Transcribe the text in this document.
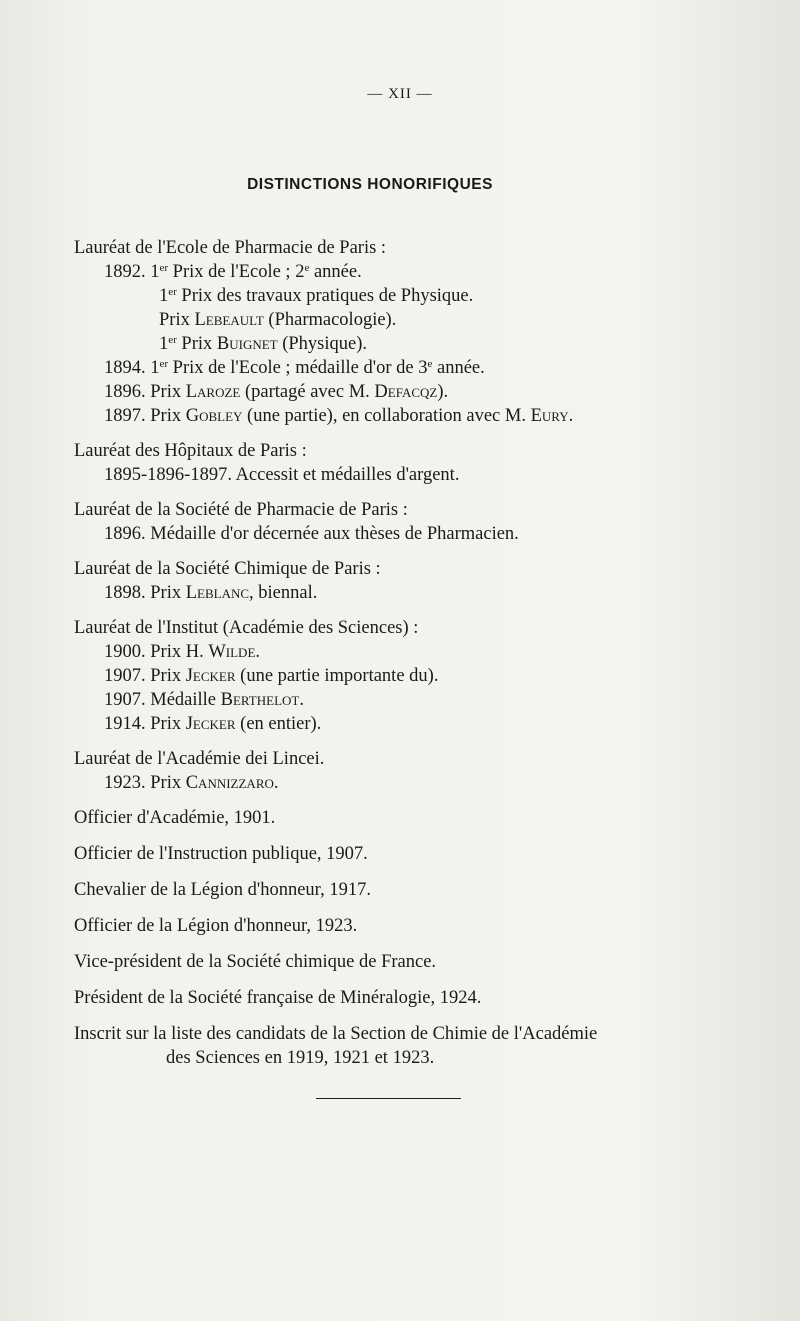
— XII —
DISTINCTIONS HONORIFIQUES
Lauréat de l'Ecole de Pharmacie de Paris :
1892. 1er Prix de l'Ecole ; 2e année.
1er Prix des travaux pratiques de Physique.
Prix Lebeault (Pharmacologie).
1er Prix Buignet (Physique).
1894. 1er Prix de l'Ecole ; médaille d'or de 3e année.
1896. Prix Laroze (partagé avec M. Defacqz).
1897. Prix Gobley (une partie), en collaboration avec M. Eury.
Lauréat des Hôpitaux de Paris :
1895-1896-1897. Accessit et médailles d'argent.
Lauréat de la Société de Pharmacie de Paris :
1896. Médaille d'or décernée aux thèses de Pharmacien.
Lauréat de la Société Chimique de Paris :
1898. Prix Leblanc, biennal.
Lauréat de l'Institut (Académie des Sciences) :
1900. Prix H. Wilde.
1907. Prix Jecker (une partie importante du).
1907. Médaille Berthelot.
1914. Prix Jecker (en entier).
Lauréat de l'Académie dei Lincei.
1923. Prix Cannizzaro.
Officier d'Académie, 1901.
Officier de l'Instruction publique, 1907.
Chevalier de la Légion d'honneur, 1917.
Officier de la Légion d'honneur, 1923.
Vice-président de la Société chimique de France.
Président de la Société française de Minéralogie, 1924.
Inscrit sur la liste des candidats de la Section de Chimie de l'Académie
des Sciences en 1919, 1921 et 1923.
